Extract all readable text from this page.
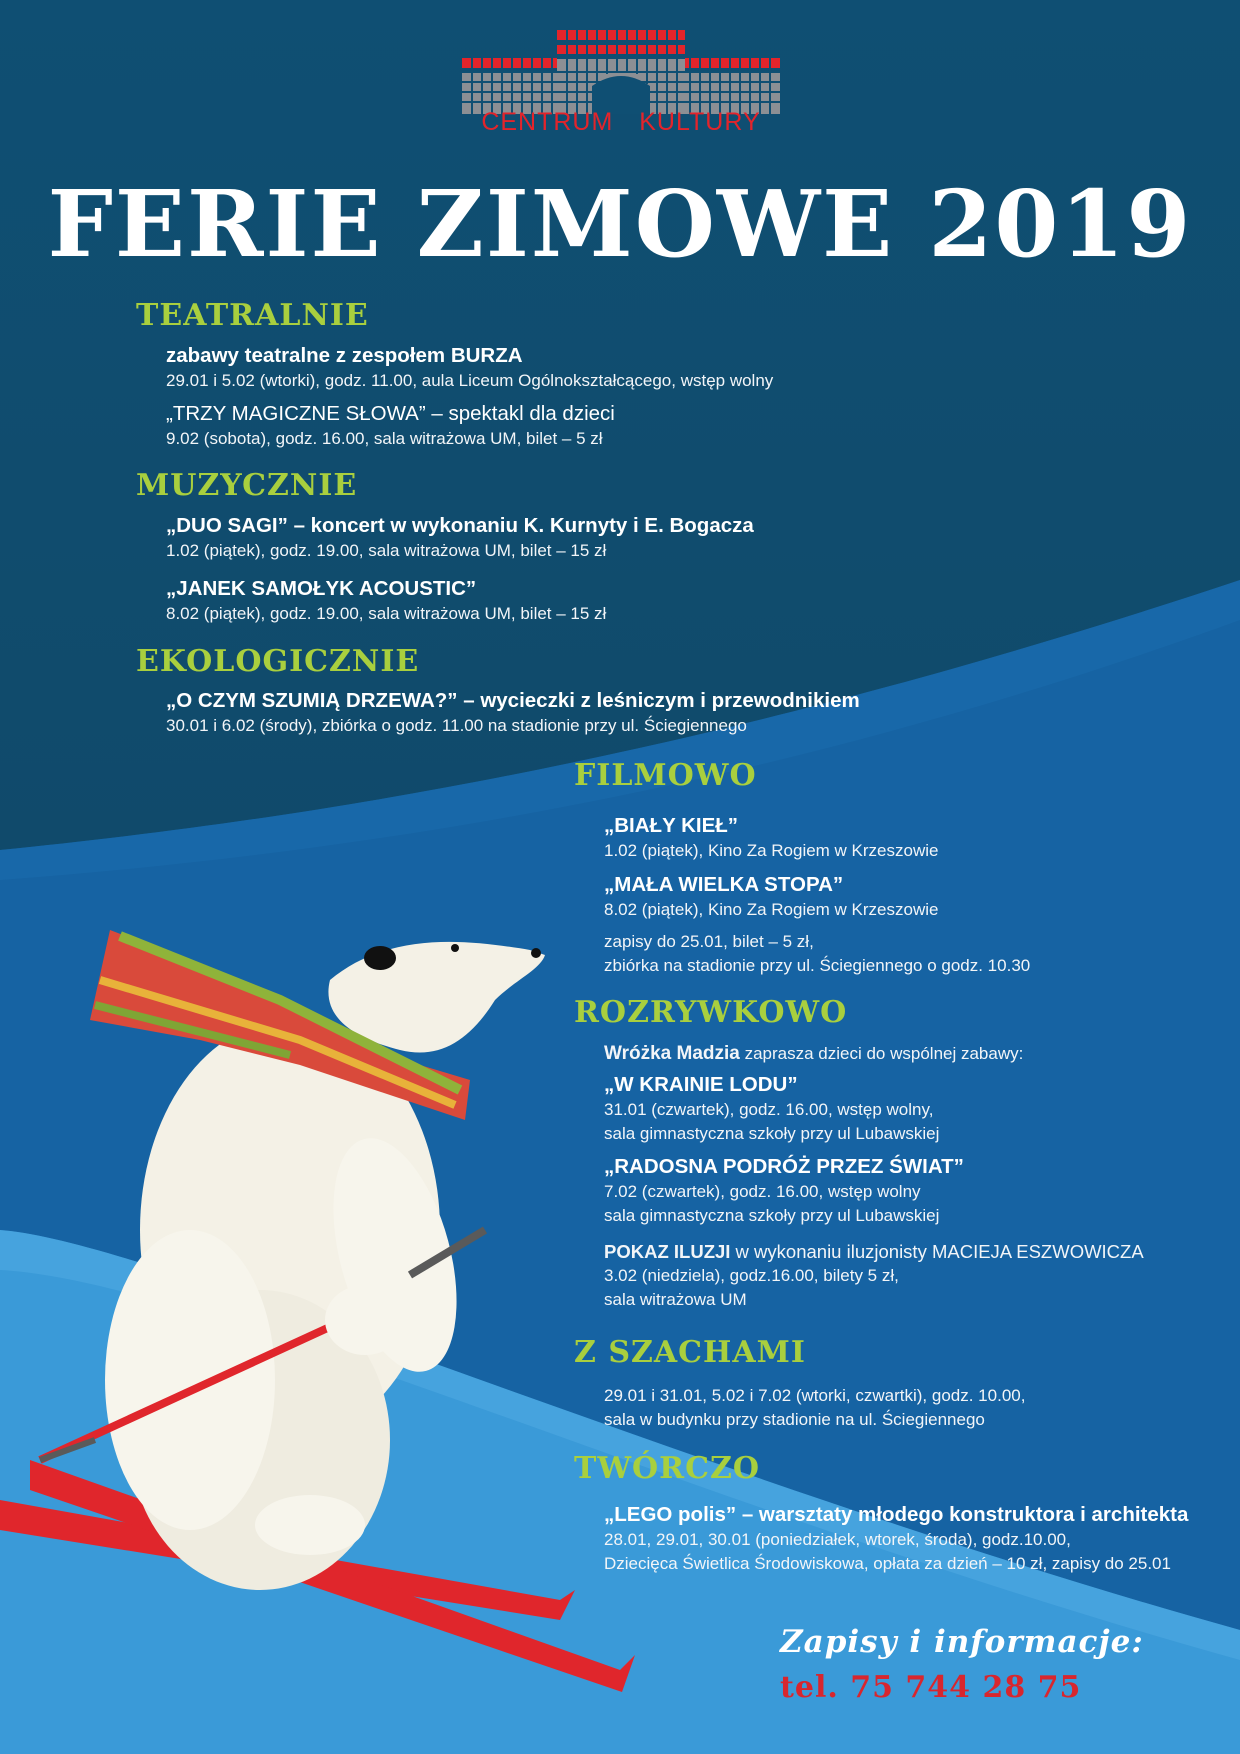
CENTRUM KULTURY
FERIE ZIMOWE 2019
TEATRALNIE
zabawy teatralne z zespołem BURZA
29.01 i 5.02 (wtorki), godz. 11.00, aula Liceum Ogólnokształcącego, wstęp wolny
„TRZY MAGICZNE SŁOWA” – spektakl dla dzieci
9.02 (sobota), godz. 16.00, sala witrażowa UM, bilet – 5 zł
MUZYCZNIE
„DUO SAGI” – koncert w wykonaniu K. Kurnyty i E. Bogacza
1.02 (piątek), godz. 19.00, sala witrażowa UM, bilet – 15 zł
„JANEK SAMOŁYK ACOUSTIC”
8.02 (piątek), godz. 19.00, sala witrażowa UM, bilet – 15 zł
EKOLOGICZNIE
„O CZYM SZUMIĄ DRZEWA?” – wycieczki z leśniczym i przewodnikiem
30.01 i 6.02 (środy), zbiórka o godz. 11.00 na stadionie przy ul. Ściegiennego
FILMOWO
„BIAŁY KIEŁ”
1.02 (piątek), Kino Za Rogiem w Krzeszowie
„MAŁA WIELKA STOPA”
8.02 (piątek), Kino Za Rogiem w Krzeszowie
zapisy do 25.01, bilet – 5 zł,
zbiórka na stadionie przy ul. Ściegiennego o godz. 10.30
ROZRYWKOWO
Wróżka Madzia zaprasza dzieci do wspólnej zabawy:
„W KRAINIE LODU”
31.01 (czwartek), godz. 16.00, wstęp wolny,
sala gimnastyczna szkoły przy ul Lubawskiej
„RADOSNA PODRÓŻ PRZEZ ŚWIAT”
7.02 (czwartek), godz. 16.00, wstęp wolny
sala gimnastyczna szkoły przy ul Lubawskiej
POKAZ ILUZJI w wykonaniu iluzjonisty MACIEJA ESZWOWICZA
3.02 (niedziela), godz.16.00, bilety 5 zł,
sala witrażowa UM
Z SZACHAMI
29.01 i 31.01, 5.02 i 7.02 (wtorki, czwartki), godz. 10.00,
sala w budynku przy stadionie na ul. Ściegiennego
TWÓRCZO
„LEGO polis” – warsztaty młodego konstruktora i architekta
28.01, 29.01, 30.01 (poniedziałek, wtorek, środa), godz.10.00,
Dziecięca Świetlica Środowiskowa, opłata za dzień – 10 zł, zapisy do 25.01
Zapisy i informacje:
tel. 75 744 28 75
